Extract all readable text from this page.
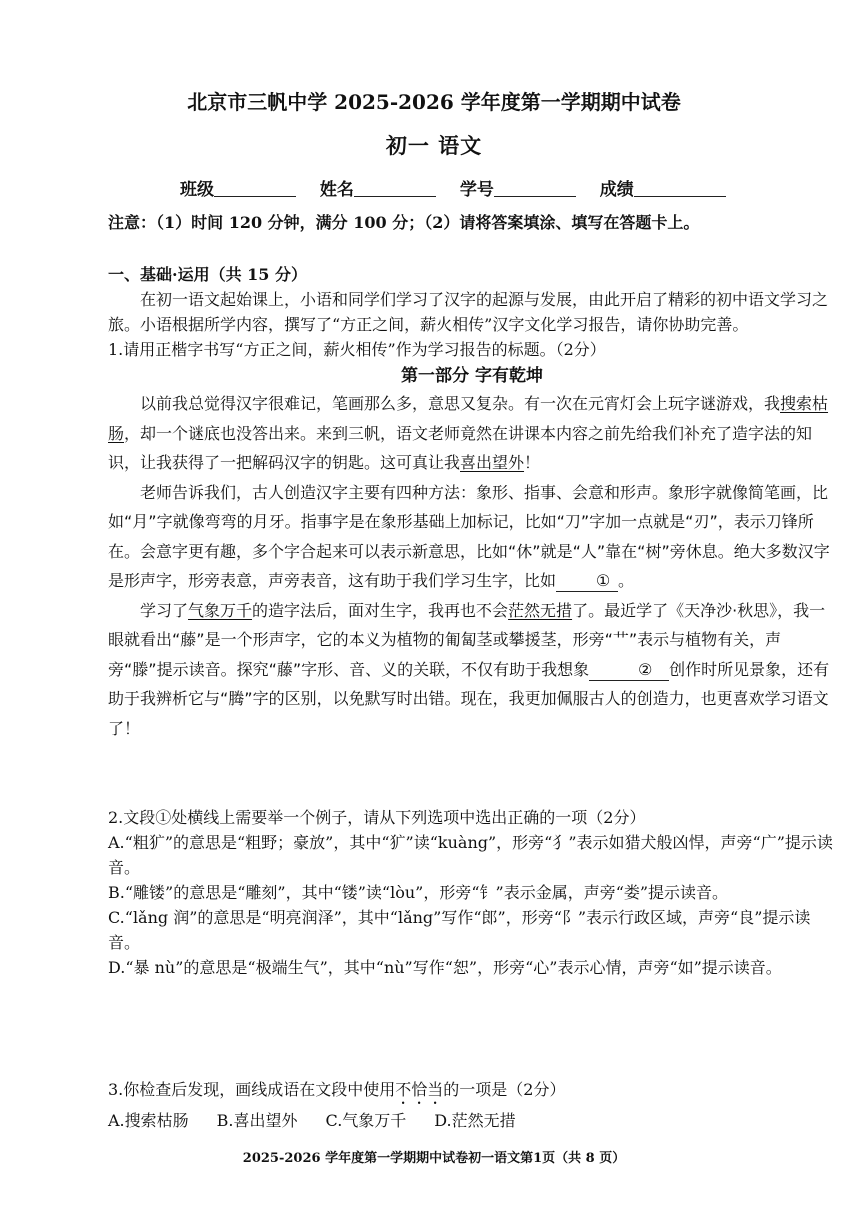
北京市三帆中学 2025-2026 学年度第一学期期中试卷
初一 语文
班级	姓名	学号	成绩
注意：（1）时间 120 分钟，满分 100 分；（2）请将答案填涂、填写在答题卡上。
一、基础·运用（共 15 分）
在初一语文起始课上，小语和同学们学习了汉字的起源与发展，由此开启了精彩的初中语文学习之旅。小语根据所学内容，撰写了“方正之间，薪火相传”汉字文化学习报告，请你协助完善。
1.请用正楷字书写“方正之间，薪火相传”作为学习报告的标题。（2分）
第一部分 字有乾坤
以前我总觉得汉字很难记，笔画那么多，意思又复杂。有一次在元宵灯会上玩字谜游戏，我搜索枯肠，却一个谜底也没答出来。来到三帆，语文老师竟然在讲课本内容之前先给我们补充了造字法的知识，让我获得了一把解码汉字的钥匙。这可真让我喜出望外！
老师告诉我们，古人创造汉字主要有四种方法：象形、指事、会意和形声。象形字就像简笔画，比如“月”字就像弯弯的月牙。指事字是在象形基础上加标记，比如“刀”字加一点就是“刃”，表示刀锋所在。会意字更有趣，多个字合起来可以表示新意思，比如“休”就是“人”靠在“树”旁休息。绝大多数汉字是形声字，形旁表意，声旁表音，这有助于我们学习生字，比如 ① 。
学习了气象万千的造字法后，面对生字，我再也不会茫然无措了。最近学了《天净沙·秋思》，我一眼就看出“藤”是一个形声字，它的本义为植物的匍匐茎或攀援茎，形旁“艹”表示与植物有关，声旁“滕”提示读音。探究“藤”字形、音、义的关联，不仅有助于我想象	② 创作时所见景象，还有助于我辨析它与“腾”字的区别，以免默写时出错。现在，我更加佩服古人的创造力，也更喜欢学习语文了！
2.文段①处横线上需要举一个例子，请从下列选项中选出正确的一项（2分）
A.“粗犷”的意思是“粗野；豪放”，其中“犷”读“kuàng”，形旁“犭”表示如猎犬般凶悍，声旁“广”提示读音。
B.“雕镂”的意思是“雕刻”，其中“镂”读“lòu”，形旁“钅”表示金属，声旁“娄”提示读音。
C.“lǎng 润”的意思是“明亮润泽”，其中“lǎng”写作“郎”，形旁“阝”表示行政区域，声旁“良”提示读音。
D.“暴 nù”的意思是“极端生气”，其中“nù”写作“恕”，形旁“心”表示心情，声旁“如”提示读音。
3.你检查后发现，画线成语在文段中使用不恰当的一项是（2分）
A.搜索枯肠 B.喜出望外 C.气象万千 D.茫然无措
2025-2026 学年度第一学期期中试卷初一语文第1页（共 8 页）
